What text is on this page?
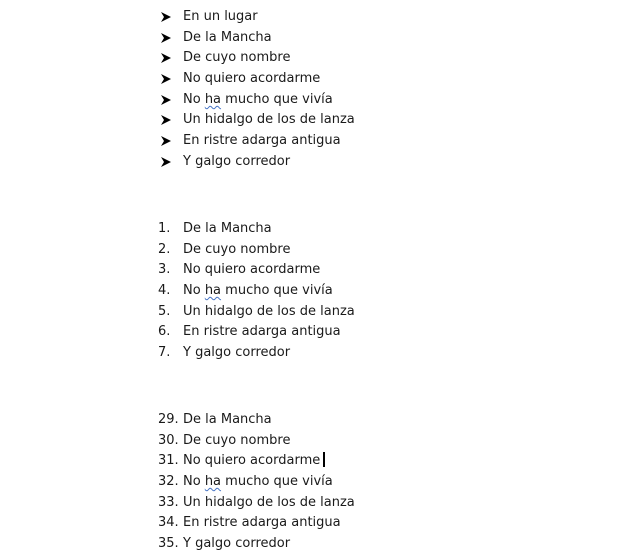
En un lugar
De la Mancha
De cuyo nombre
No quiero acordarme
No ha mucho que vivía
Un hidalgo de los de lanza
En ristre adarga antigua
Y galgo corredor
1. De la Mancha
2. De cuyo nombre
3. No quiero acordarme
4. No ha mucho que vivía
5. Un hidalgo de los de lanza
6. En ristre adarga antigua
7. Y galgo corredor
29. De la Mancha
30. De cuyo nombre
31. No quiero acordarme
32. No ha mucho que vivía
33. Un hidalgo de los de lanza
34. En ristre adarga antigua
35. Y galgo corredor
